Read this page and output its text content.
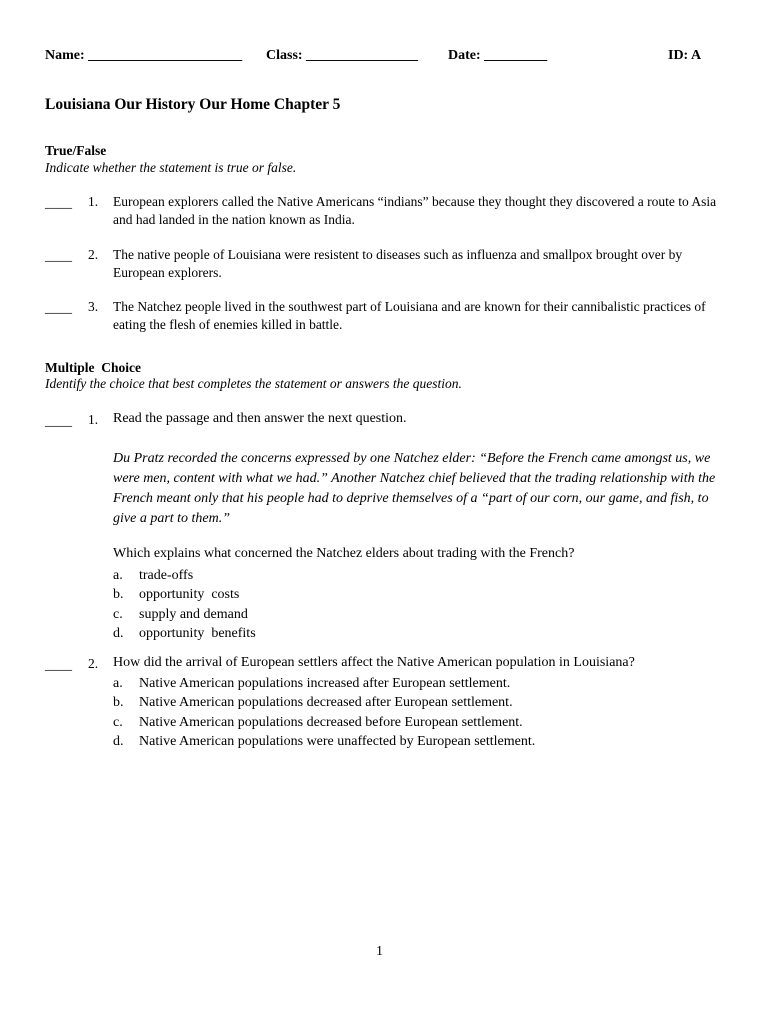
Name: ______________________ Class: ________________ Date: _________	ID: A
Louisiana Our History Our Home Chapter 5
True/False
Indicate whether the statement is true or false.
____ 1. European explorers called the Native Americans “indians” because they thought they discovered a route to Asia and had landed in the nation known as India.
____ 2. The native people of Louisiana were resistent to diseases such as influenza and smallpox brought over by European explorers.
____ 3. The Natchez people lived in the southwest part of Louisiana and are known for their cannibalistic practices of eating the flesh of enemies killed in battle.
Multiple  Choice
Identify the choice that best completes the statement or answers the question.
____ 1. Read the passage and then answer the next question.
Du Pratz recorded the concerns expressed by one Natchez elder: “Before the French came amongst us, we were men, content with what we had.” Another Natchez chief believed that the trading relationship with the French meant only that his people had to deprive themselves of a “part of our corn, our game, and fish, to give a part to them.”
Which explains what concerned the Natchez elders about trading with the French?
a. trade-offs
b. opportunity  costs
c. supply and demand
d. opportunity  benefits
____ 2. How did the arrival of European settlers affect the Native American population in Louisiana?
a. Native American populations increased after European settlement.
b. Native American populations decreased after European settlement.
c. Native American populations decreased before European settlement.
d. Native American populations were unaffected by European settlement.
1
